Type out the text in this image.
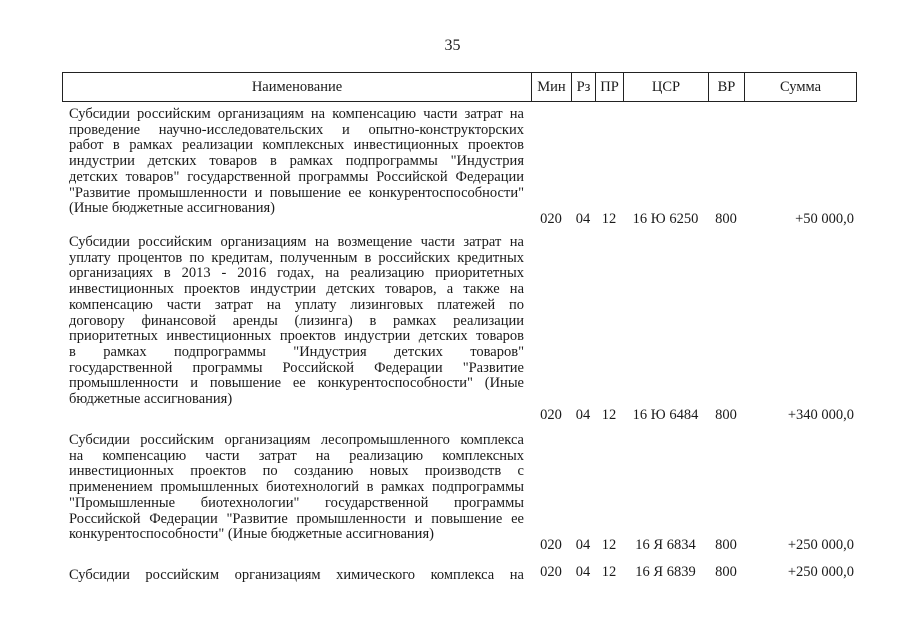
35
Наименование	Мин	Рз	ПР	ЦСР	ВР	Сумма
Субсидии российским организациям на компенсацию части затрат на
проведение научно-исследовательских и опытно-конструкторских
работ в рамках реализации комплексных инвестиционных проектов
индустрии детских товаров в рамках подпрограммы "Индустрия
детских товаров" государственной программы Российской Федерации
"Развитие промышленности и повышение ее конкурентоспособности"
(Иные бюджетные ассигнования)
020 04 12	16 Ю 6250	800	+50 000,0
Субсидии российским организациям на возмещение части затрат на
уплату процентов по кредитам, полученным в российских кредитных
организациях в 2013 - 2016 годах, на реализацию приоритетных
инвестиционных проектов индустрии детских товаров, а также на
компенсацию части затрат на уплату лизинговых платежей по
договору финансовой аренды (лизинга) в рамках реализации
приоритетных инвестиционных проектов индустрии детских товаров
в рамках подпрограммы "Индустрия детских товаров"
государственной программы Российской Федерации "Развитие
промышленности и повышение ее конкурентоспособности" (Иные
бюджетные ассигнования)
020 04 12	16 Ю 6484	800	+340 000,0
Субсидии российским организациям лесопромышленного комплекса
на компенсацию части затрат на реализацию комплексных
инвестиционных проектов по созданию новых производств с
применением промышленных биотехнологий в рамках подпрограммы
"Промышленные биотехнологии" государственной программы
Российской Федерации "Развитие промышленности и повышение ее
конкурентоспособности" (Иные бюджетные ассигнования)
020 04 12	16 Я 6834	800	+250 000,0
Субсидии российским организациям химического комплекса на	020 04 12	16 Я 6839	800	+250 000,0
